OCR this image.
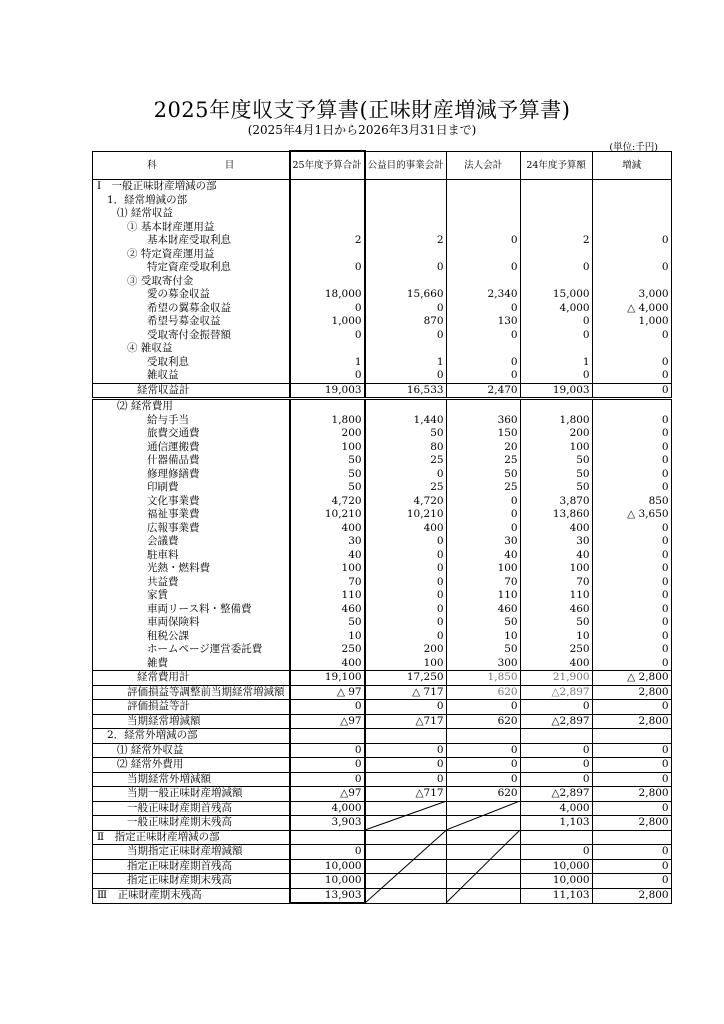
2025年度収支予算書(正味財産増減予算書)
(2025年4月1日から2026年3月31日まで)
(単位:千円)
科 目	25年度予算合計	公益目的事業会計	法人会計	24年度予算額	増減
Ⅰ　一般正味財産増減の部					
1．経常増減の部					
⑴ 経常収益					
① 基本財産運用益					
基本財産受取利息	2	2	0	2	0
② 特定資産運用益					
特定資産受取利息	0	0	0	0	0
③ 受取寄付金					
愛の募金収益	18,000	15,660	2,340	15,000	3,000
希望の翼募金収益	0	0	0	4,000	△ 4,000
希望号募金収益	1,000	870	130	0	1,000
受取寄付金振替額	0	0	0	0	0
④ 雑収益					
受取利息	1	1	0	1	0
雑収益	0	0	0	0	0
経常収益計	19,003	16,533	2,470	19,003	0
⑵ 経常費用					
給与手当	1,800	1,440	360	1,800	0
旅費交通費	200	50	150	200	0
通信運搬費	100	80	20	100	0
什器備品費	50	25	25	50	0
修理修繕費	50	0	50	50	0
印刷費	50	25	25	50	0
文化事業費	4,720	4,720	0	3,870	850
福祉事業費	10,210	10,210	0	13,860	△ 3,650
広報事業費	400	400	0	400	0
会議費	30	0	30	30	0
駐車料	40	0	40	40	0
光熱・燃料費	100	0	100	100	0
共益費	70	0	70	70	0
家賃	110	0	110	110	0
車両リース料・整備費	460	0	460	460	0
車両保険料	50	0	50	50	0
租税公課	10	0	10	10	0
ホームページ運営委託費	250	200	50	250	0
雑費	400	100	300	400	0
経常費用計	19,100	17,250	1,850	21,900	△ 2,800
評価損益等調整前当期経常増減額	△ 97	△ 717	620	△2,897	2,800
評価損益等計	0	0	0	0	0
当期経常増減額	△97	△717	620	△2,897	2,800
2．経常外増減の部					
⑴ 経常外収益	0	0	0	0	0
⑵ 経常外費用	0	0	0	0	0
当期経常外増減額	0	0	0	0	0
当期一般正味財産増減額	△97	△717	620	△2,897	2,800
一般正味財産期首残高	4,000			4,000	0
一般正味財産期末残高	3,903			1,103	2,800
Ⅱ　指定正味財産増減の部					
当期指定正味財産増減額	0			0	0
指定正味財産期首残高	10,000			10,000	0
指定正味財産期末残高	10,000			10,000	0
Ⅲ　正味財産期末残高	13,903			11,103	2,800
